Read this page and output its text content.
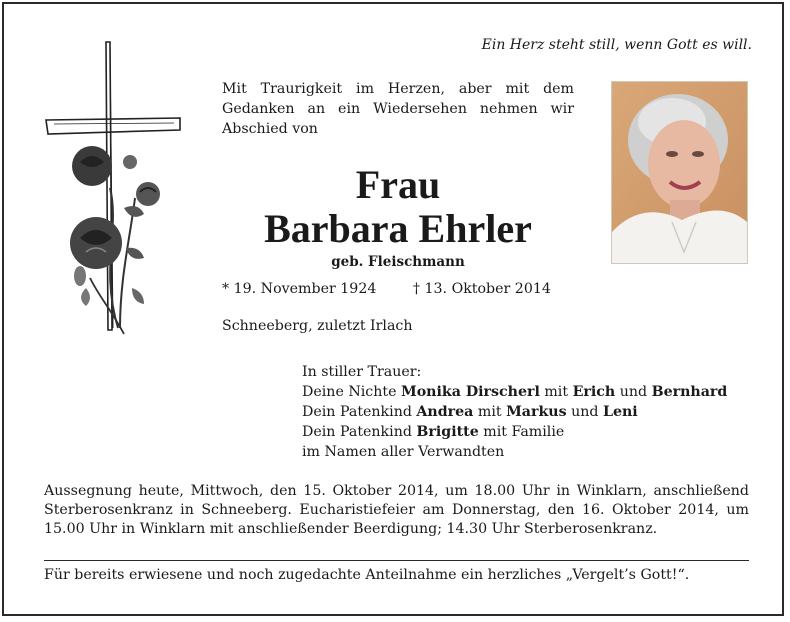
Ein Herz steht still, wenn Gott es will.
Mit Traurigkeit im Herzen, aber mit dem Gedanken an ein Wiedersehen nehmen wir Abschied von
Frau
Barbara Ehrler
geb. Fleischmann
* 19. November 1924	† 13. Oktober 2014
Schneeberg, zuletzt Irlach
In stiller Trauer:
Deine Nichte Monika Dirscherl mit Erich und Bernhard
Dein Patenkind Andrea mit Markus und Leni
Dein Patenkind Brigitte mit Familie
im Namen aller Verwandten
Aussegnung heute, Mittwoch, den 15. Oktober 2014, um 18.00 Uhr in Winklarn, anschließend Sterberosenkranz in Schneeberg. Eucharistiefeier am Donnerstag, den 16. Oktober 2014, um 15.00 Uhr in Winklarn mit anschließender Beerdigung; 14.30 Uhr Sterberosenkranz.
Für bereits erwiesene und noch zugedachte Anteilnahme ein herzliches „Vergelt’s Gott!“.
